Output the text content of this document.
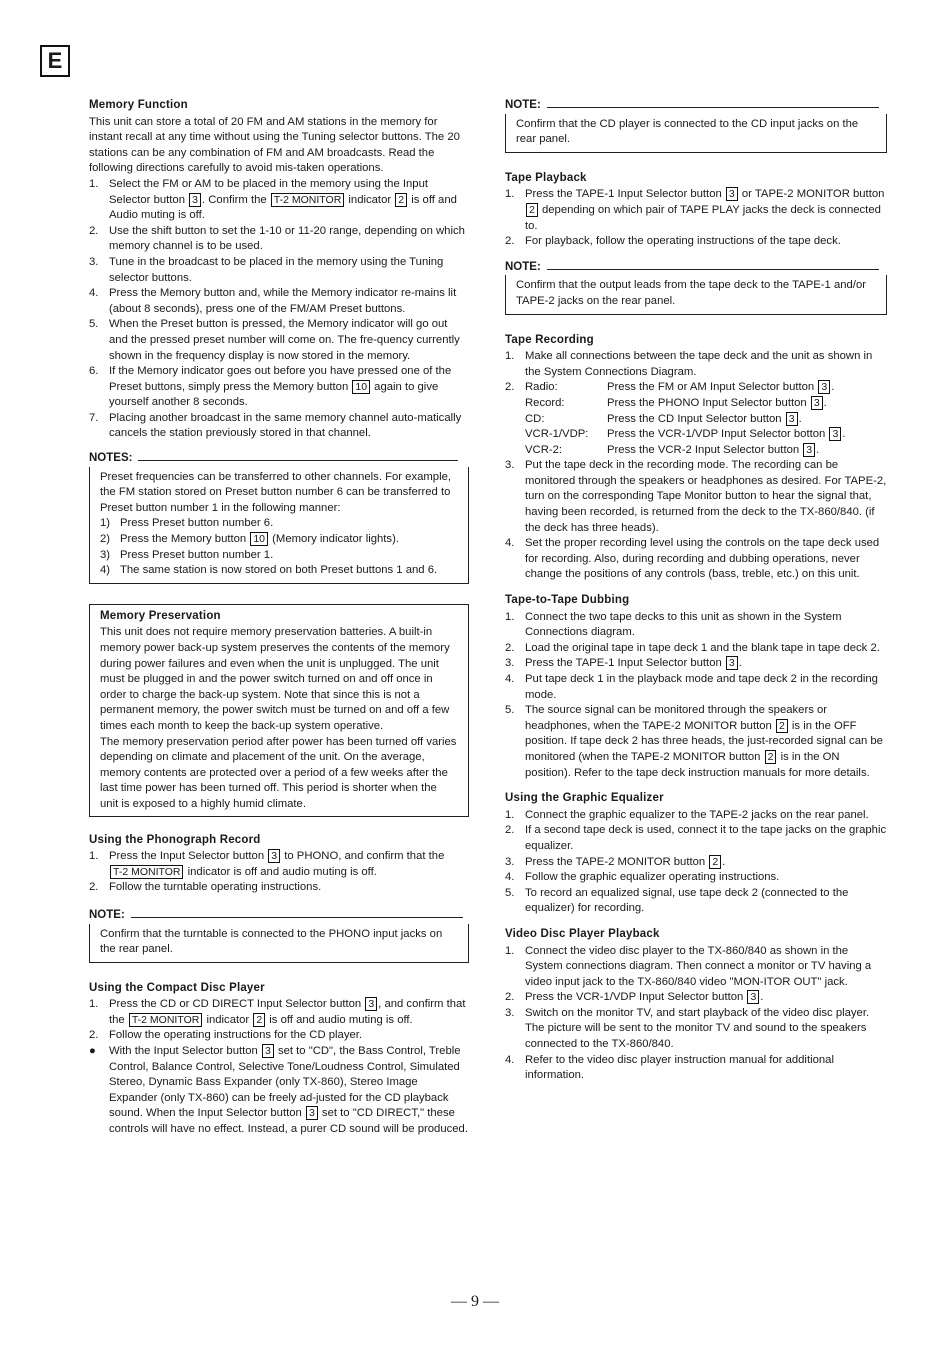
E
Memory Function

This unit can store a total of 20 FM and AM stations in the memory for instant recall at any time without using the Tuning selector buttons. The 20 stations can be any combination of FM and AM broadcasts. Read the following directions carefully to avoid mis-taken operations.

1. Select the FM or AM to be placed in the memory using the Input Selector button 3 . Confirm the T-2 MONITOR indicator 2 is off and Audio muting is off.
2. Use the shift button to set the 1-10 or 11-20 range, depending on which memory channel is to be used.
3. Tune in the broadcast to be placed in the memory using the Tuning selector buttons.
4. Press the Memory button and, while the Memory indicator re-mains lit (about 8 seconds), press one of the FM/AM Preset buttons.
5. When the Preset button is pressed, the Memory indicator will go out and the pressed preset number will come on. The fre-quency currently shown in the frequency display is now stored in the memory.
6. If the Memory indicator goes out before you have pressed one of the Preset buttons, simply press the Memory button 10 again to give yourself another 8 seconds.
7. Placing another broadcast in the same memory channel auto-matically cancels the station previously stored in that channel.
NOTES:

Preset frequencies can be transferred to other channels. For example, the FM station stored on Preset button number 6 can be transferred to Preset button number 1 in the following manner:

1) Press Preset button number 6.
2) Press the Memory button 10 (Memory indicator lights).
3) Press Preset button number 1.
4) The same station is now stored on both Preset buttons 1 and 6.
Memory Preservation

This unit does not require memory preservation batteries. A built-in memory power back-up system preserves the contents of the memory during power failures and even when the unit is unplugged. The unit must be plugged in and the power switch turned on and off once in order to charge the back-up system. Note that since this is not a permanent memory, the power switch must be turned on and off a few times each month to keep the back-up system operative.

The memory preservation period after power has been turned off varies depending on climate and placement of the unit. On the average, memory contents are protected over a period of a few weeks after the last time power has been turned off. This period is shorter when the unit is exposed to a highly humid climate.

Using the Phonograph Record
1. Press the Input Selector button 3 to PHONO, and confirm that the T-2 MONITOR indicator is off and audio muting is off.
2. Follow the turntable operating instructions.
NOTE:

Confirm that the turntable is connected to the PHONO input jacks on the rear panel.

Using the Compact Disc Player
1. Press the CD or CD DIRECT Input Selector button 3 , and confirm that the T-2 MONITOR indicator 2 is off and audio muting is off.
2. Follow the operating instructions for the CD player.
● With the Input Selector button 3 set to "CD", the Bass Control, Treble Control, Balance Control, Selective Tone/Loudness Control, Simulated Stereo, Dynamic Bass Expander (only TX-860), Stereo Image Expander (only TX-860) can be freely ad-justed for the CD playback sound. When the Input Selector button 3 set to "CD DIRECT," these controls will have no effect. Instead, a purer CD sound will be produced.
NOTE:

Confirm that the CD player is connected to the CD input jacks on the rear panel.

Tape Playback
1. Press the TAPE-1 Input Selector button 3 or TAPE-2 MONITOR button 2 depending on which pair of TAPE PLAY jacks the deck is connected to.
2. For playback, follow the operating instructions of the tape deck.
NOTE:

Confirm that the output leads from the tape deck to the TAPE-1 and/or TAPE-2 jacks on the rear panel.

Tape Recording
1. Make all connections between the tape deck and the unit as shown in the System Connections Diagram.
2. Radio:	Press the FM or AM Input Selector button 3 .
Record:	Press the PHONO Input Selector button 3 .
CD:	Press the CD Input Selector button 3 .
VCR-1/VDP:	Press the VCR-1/VDP Input Selector botton 3 .
VCR-2:	Press the VCR-2 Input Selector button 3 .
3. Put the tape deck in the recording mode. The recording can be monitored through the speakers or headphones as desired. For TAPE-2, turn on the corresponding Tape Monitor button to hear the signal that, having been recorded, is returned from the deck to the TX-860/840. (if the deck has three heads).
4. Set the proper recording level using the controls on the tape deck used for recording. Also, during recording and dubbing operations, never change the positions of any controls (bass, treble, etc.) on this unit.
Tape-to-Tape Dubbing
1. Connect the two tape decks to this unit as shown in the System Connections diagram.
2. Load the original tape in tape deck 1 and the blank tape in tape deck 2.
3. Press the TAPE-1 Input Selector button 3 .
4. Put tape deck 1 in the playback mode and tape deck 2 in the recording mode.
5. The source signal can be monitored through the speakers or headphones, when the TAPE-2 MONITOR button 2 is in the OFF position. If tape deck 2 has three heads, the just-recorded signal can be monitored (when the TAPE-2 MONITOR button 2 is in the ON position). Refer to the tape deck instruction manuals for more details.
Using the Graphic Equalizer
1. Connect the graphic equalizer to the TAPE-2 jacks on the rear panel.
2. If a second tape deck is used, connect it to the tape jacks on the graphic equalizer.
3. Press the TAPE-2 MONITOR button 2 .
4. Follow the graphic equalizer operating instructions.
5. To record an equalized signal, use tape deck 2 (connected to the equalizer) for recording.
Video Disc Player Playback
1. Connect the video disc player to the TX-860/840 as shown in the System connections diagram. Then connect a monitor or TV having a video input jack to the TX-860/840 video "MON-ITOR OUT" jack.
2. Press the VCR-1/VDP Input Selector button 3 .
3. Switch on the monitor TV, and start playback of the video disc player. The picture will be sent to the monitor TV and sound to the speakers connected to the TX-860/840.
4. Refer to the video disc player instruction manual for additional information.
— 9 —
